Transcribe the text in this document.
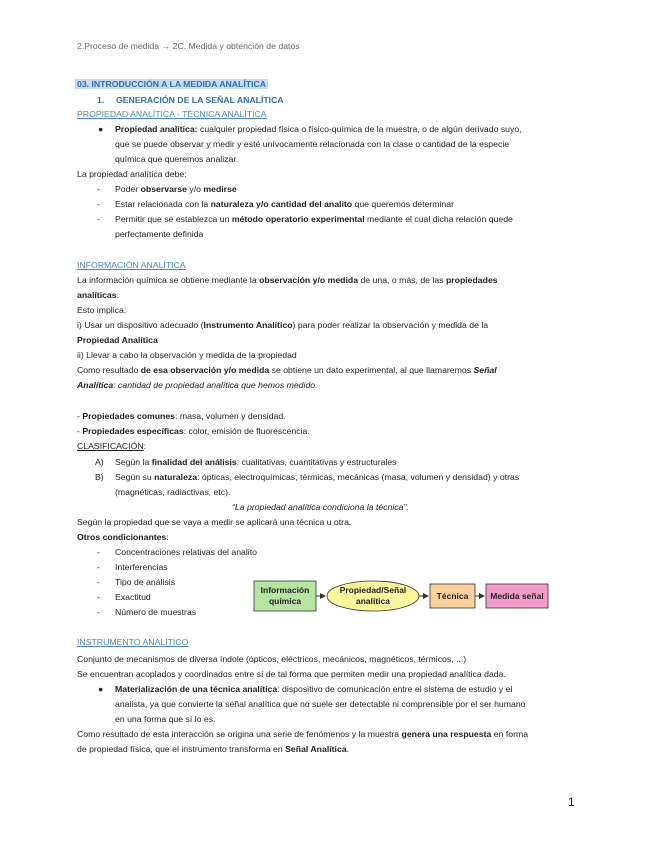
2.Proceso de medida → 2C. Medida y obtención de datos
03. INTRODUCCIÓN A LA MEDIDA ANALÍTICA
1. GENERACIÓN DE LA SEÑAL ANALÍTICA
PROPIEDAD ANALÍTICA - TÉCNICA ANALÍTICA
● Propiedad analítica: cualquier propiedad física o físico-química de la muestra, o de algún derivado suyo,
que se puede observar y medir y esté unívocamente relacionada con la clase o cantidad de la especie
química que queremos analizar.
La propiedad analítica debe:
- Poder observarse y/o medirse
- Estar relacionada con la naturaleza y/o cantidad del analito que queremos determinar
- Permitir que se establezca un método operatorio experimental mediante el cual dicha relación quede
perfectamente definida
INFORMACIÓN ANALÍTICA
La información química se obtiene mediante la observación y/o medida de una, o más, de las propiedades
analíticas.
Esto implica:
i) Usar un dispositivo adecuado (Instrumento Analítico) para poder realizar la observación y medida de la
Propiedad Analítica
ii) Llevar a cabo la observación y medida de la propiedad
Como resultado de esa observación y/o medida se obtiene un dato experimental, al que llamaremos Señal
Analítica: cantidad de propiedad analítica que hemos medido.
- Propiedades comunes: masa, volumen y densidad.
- Propiedades específicas: color, emisión de fluorescencia.
CLASIFICACIÓN:
A) Según la finalidad del análisis: cualitativas, cuantitativas y estructurales
B) Según su naturaleza: ópticas, electroquímicas, térmicas, mecánicas (masa, volumen y densidad) y otras
(magnéticas, radiactivas, etc).
“La propiedad analítica condiciona la técnica”.
Según la propiedad que se vaya a medir se aplicará una técnica u otra.
Otros condicionantes:
- Concentraciones relativas del analito
- Interferencias
- Tipo de análisis
- Exactitud
- Número de muestras
Información
química
Propiedad/Señal
analítica	Técnica	Medida señal
INSTRUMENTO ANALÍTICO
Conjunto de mecanismos de diversa índole (ópticos, eléctricos, mecánicos, magnéticos, térmicos, ...)
Se encuentran acoplados y coordinados entre sí de tal forma que permiten medir una propiedad analítica dada.
● Materialización de una técnica analítica: dispositivo de comunicación entre el sistema de estudio y el
analista, ya que convierte la señal analítica que no suele ser detectable ni comprensible por el ser humano
en una forma que sí lo es.
Como resultado de esta interacción se origina una serie de fenómenos y la muestra genera una respuesta en forma
de propiedad física, que el instrumento transforma en Señal Analítica.
1
